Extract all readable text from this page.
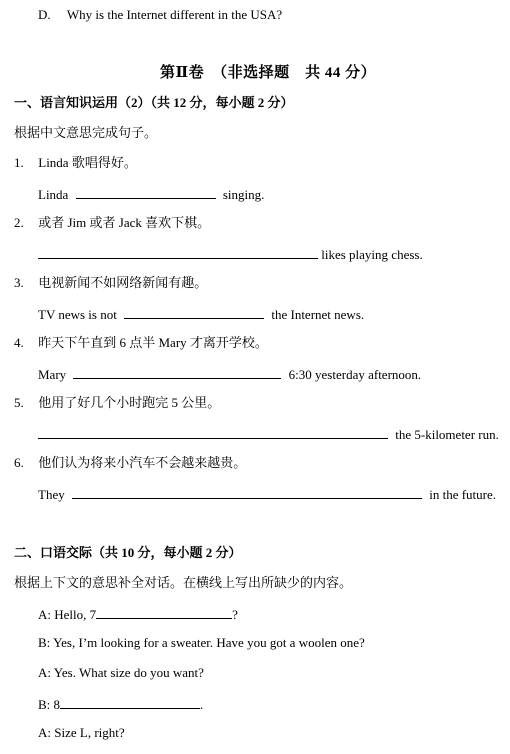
D. Why is the Internet different in the USA?
第Ⅱ卷　（非选择题　共 44 分）
一、语言知识运用（2）（共 12 分，每小题 2 分）
根据中文意思完成句子。
1. Linda 歌唱得好。
Linda	singing.
2. 或者 Jim 或者 Jack 喜欢下棋。
likes playing chess.
3. 电视新闻不如网络新闻有趣。
TV news is not	the Internet news.
4. 昨天下午直到 6 点半 Mary 才离开学校。
Mary	6:30 yesterday afternoon.
5. 他用了好几个小时跑完 5 公里。
the 5-kilometer run.
6. 他们认为将来小汽车不会越来越贵。
They	in the future.
二、口语交际（共 10 分，每小题 2 分）
根据上下文的意思补全对话。在横线上写出所缺少的内容。
A: Hello, 7	?
B: Yes, I’m looking for a sweater. Have you got a woolen one?
A: Yes. What size do you want?
B: 8	.
A: Size L, right?
